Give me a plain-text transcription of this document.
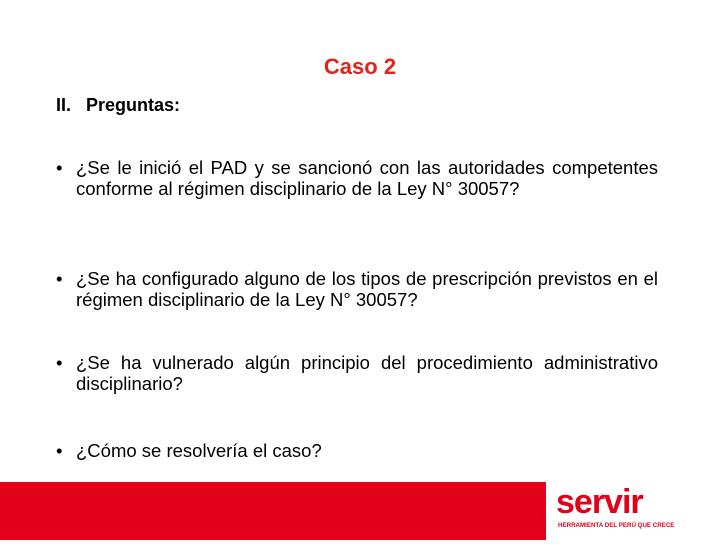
Caso 2
II.   Preguntas:
• ¿Se le inició el PAD y se sancionó con las autoridades competentes conforme al régimen disciplinario de la Ley N° 30057?
• ¿Se ha configurado alguno de los tipos de prescripción previstos en el régimen disciplinario de la Ley N° 30057?
• ¿Se ha vulnerado algún principio del procedimiento administrativo disciplinario?
• ¿Cómo se resolvería el caso?
servir
HERRAMIENTA DEL PERÚ QUE CRECE
